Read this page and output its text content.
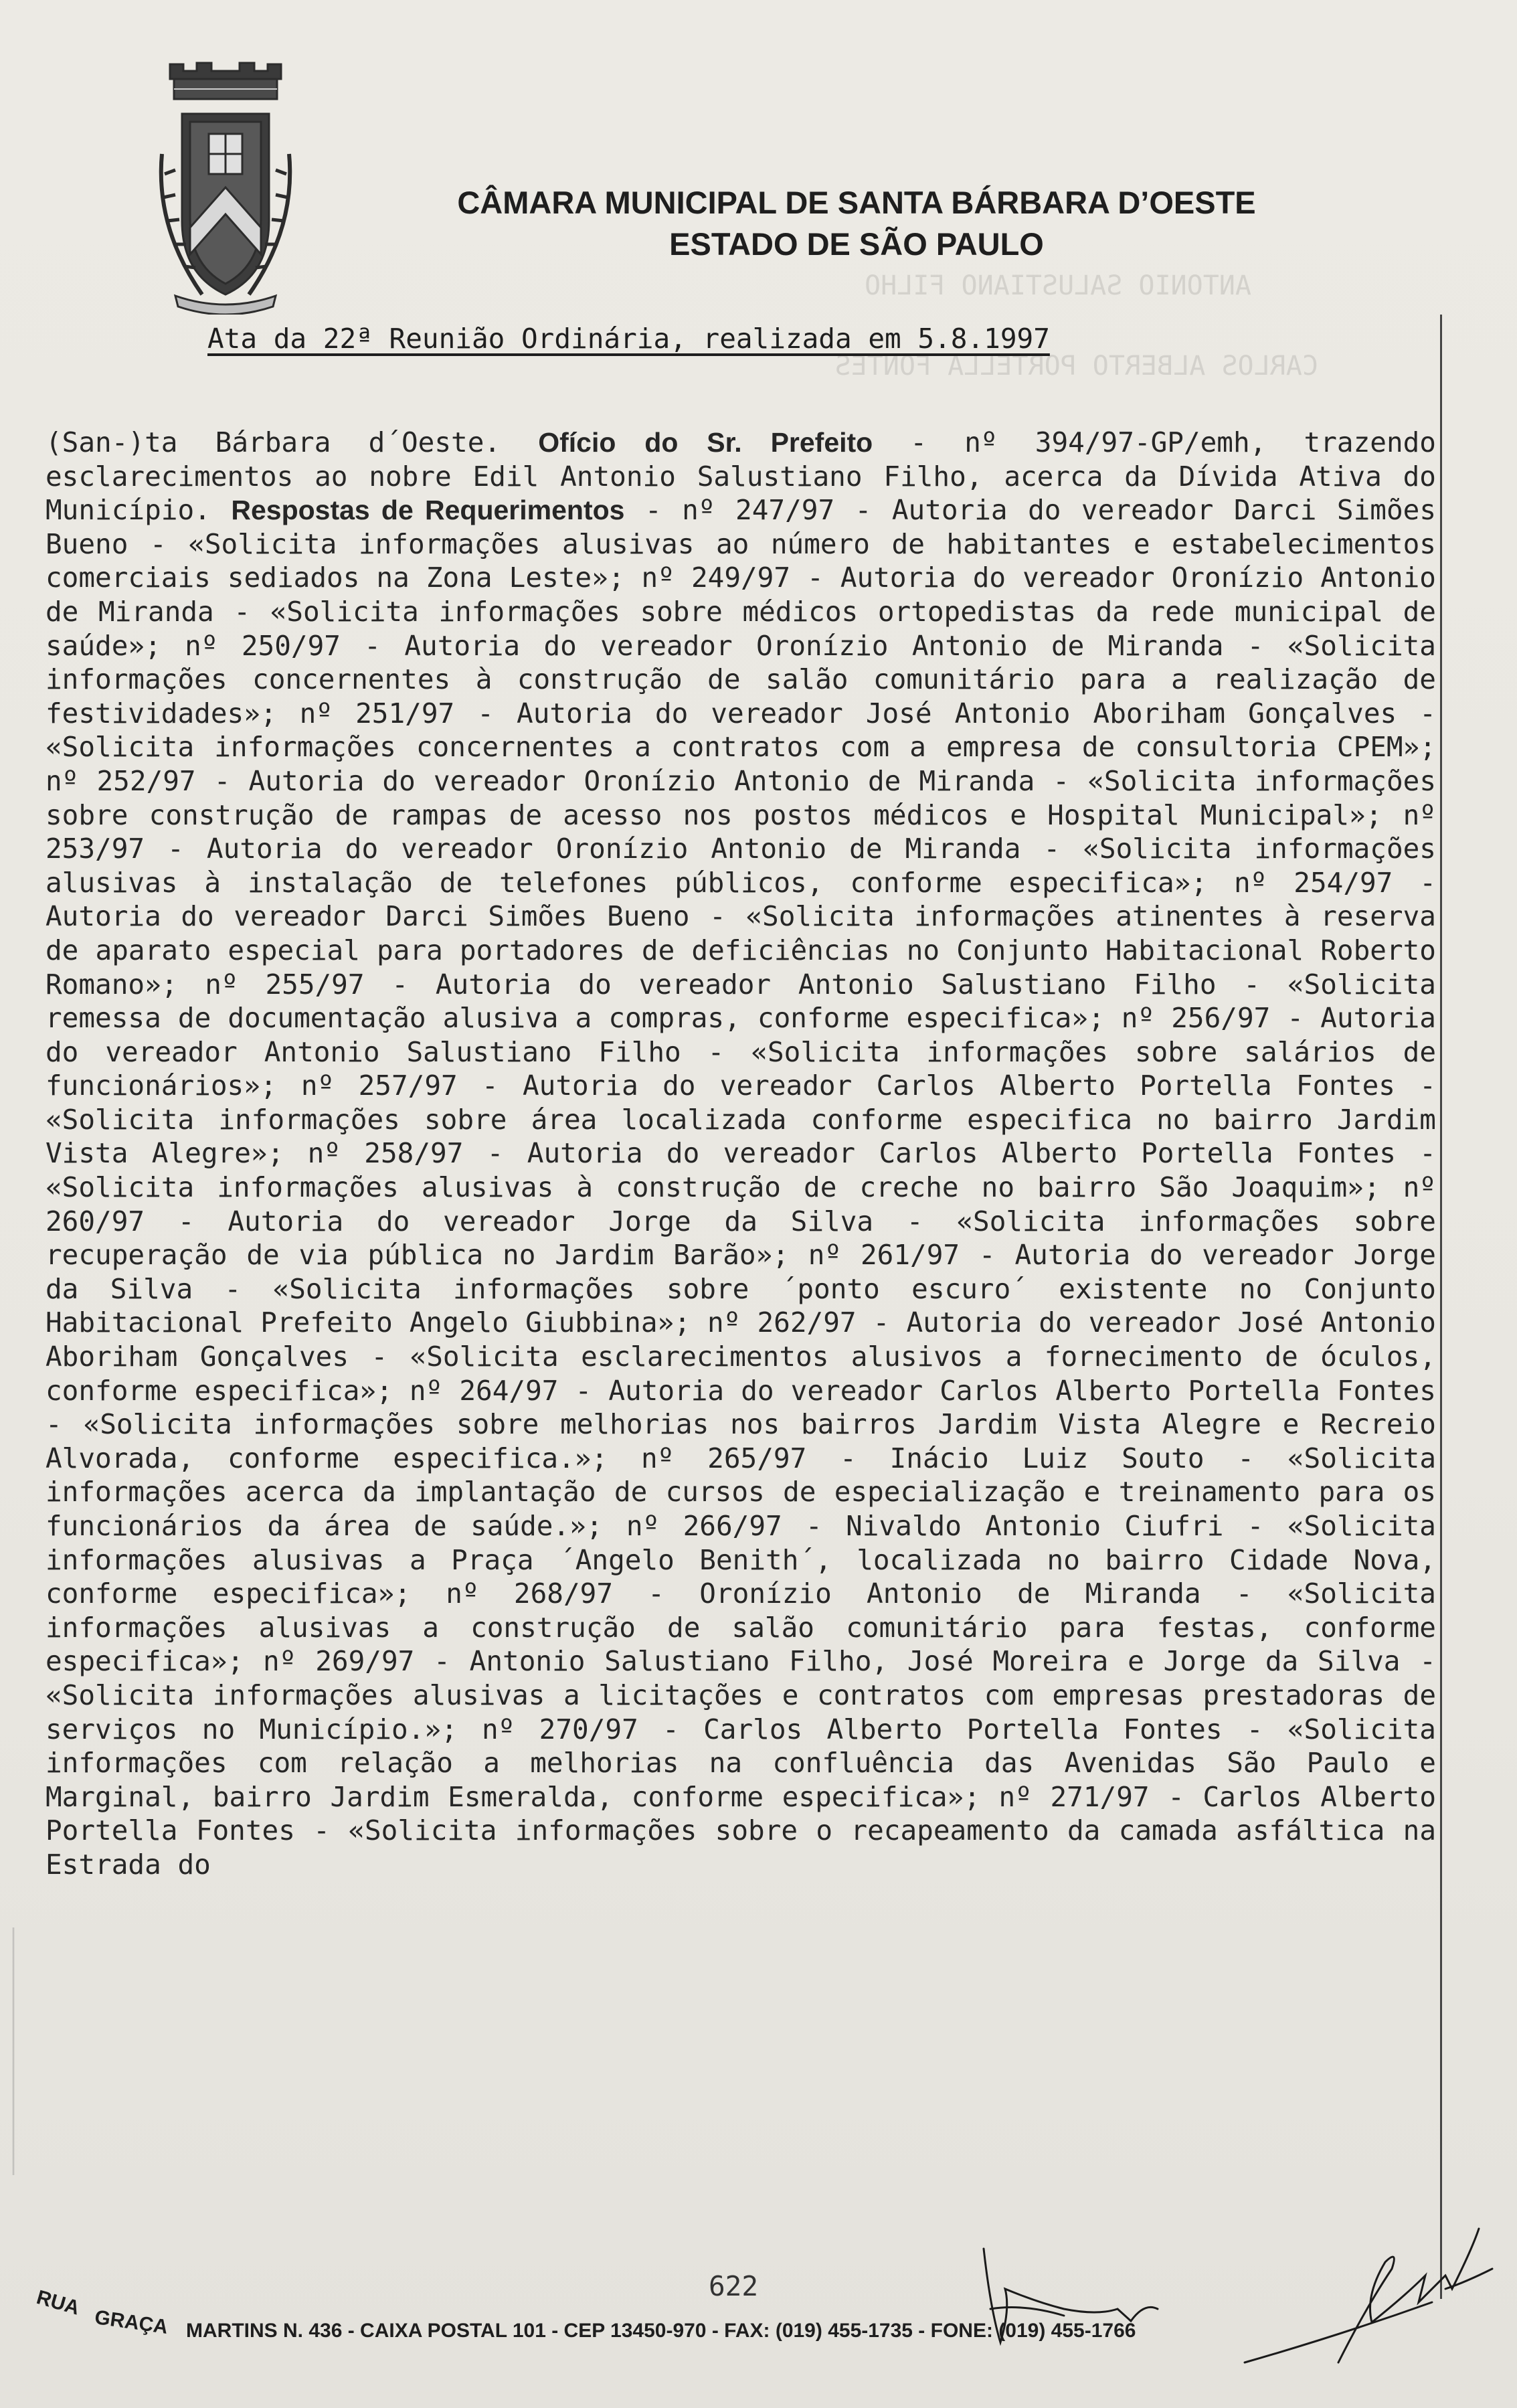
ANTONIO SALUSTIANO FILHO
CARLOS ALBERTO PORTELLA FONTES
CÂMARA MUNICIPAL DE SANTA BÁRBARA D’OESTE
ESTADO DE SÃO PAULO
Ata da 22ª Reunião Ordinária, realizada em 5.8.1997
(San-)ta Bárbara d´Oeste. Ofício do Sr. Prefeito - nº 394/97-GP/emh, trazendo esclarecimentos ao nobre Edil Antonio Salustiano Filho, acerca da Dívida Ativa do Município. Respostas de Requerimentos - nº 247/97 - Autoria do vereador Darci Simões Bueno - «Solicita informações alusivas ao número de habitantes e estabelecimentos comerciais sediados na Zona Leste»; nº 249/97 - Autoria do vereador Oronízio Antonio de Miranda - «Solicita informações sobre médicos ortopedistas da rede municipal de saúde»; nº 250/97 - Autoria do vereador Oronízio Antonio de Miranda - «Solicita informações concernentes à construção de salão comunitário para a realização de festividades»; nº 251/97 - Autoria do vereador José Antonio Aboriham Gonçalves - «Solicita informações concernentes a contratos com a empresa de consultoria CPEM»; nº 252/97 - Autoria do vereador Oronízio Antonio de Miranda - «Solicita informações sobre construção de rampas de acesso nos postos médicos e Hospital Municipal»; nº 253/97 - Autoria do vereador Oronízio Antonio de Miranda - «Solicita informações alusivas à instalação de telefones públicos, conforme especifica»; nº 254/97 - Autoria do vereador Darci Simões Bueno - «Solicita informações atinentes à reserva de aparato especial para portadores de deficiências no Conjunto Habitacional Roberto Romano»; nº 255/97 - Autoria do vereador Antonio Salustiano Filho - «Solicita remessa de documentação alusiva a compras, conforme especifica»; nº 256/97 - Autoria do vereador Antonio Salustiano Filho - «Solicita informações sobre salários de funcionários»; nº 257/97 - Autoria do vereador Carlos Alberto Portella Fontes - «Solicita informações sobre área localizada conforme especifica no bairro Jardim Vista Alegre»; nº 258/97 - Autoria do vereador Carlos Alberto Portella Fontes - «Solicita informações alusivas à construção de creche no bairro São Joaquim»; nº 260/97 - Autoria do vereador Jorge da Silva - «Solicita informações sobre recuperação de via pública no Jardim Barão»; nº 261/97 - Autoria do vereador Jorge da Silva - «Solicita informações sobre ´ponto escuro´ existente no Conjunto Habitacional Prefeito Angelo Giubbina»; nº 262/97 - Autoria do vereador José Antonio Aboriham Gonçalves - «Solicita esclarecimentos alusivos a fornecimento de óculos, conforme especifica»; nº 264/97 - Autoria do vereador Carlos Alberto Portella Fontes - «Solicita informações sobre melhorias nos bairros Jardim Vista Alegre e Recreio Alvorada, conforme especifica.»; nº 265/97 - Inácio Luiz Souto - «Solicita informações acerca da implantação de cursos de especialização e treinamento para os funcionários da área de saúde.»; nº 266/97 - Nivaldo Antonio Ciufri - «Solicita informações alusivas a Praça ´Angelo Benith´, localizada no bairro Cidade Nova, conforme especifica»; nº 268/97 - Oronízio Antonio de Miranda - «Solicita informações alusivas a construção de salão comunitário para festas, conforme especifica»; nº 269/97 - Antonio Salustiano Filho, José Moreira e Jorge da Silva - «Solicita informações alusivas a licitações e contratos com empresas prestadoras de serviços no Município.»; nº 270/97 - Carlos Alberto Portella Fontes - «Solicita informações com relação a melhorias na confluência das Avenidas São Paulo e Marginal, bairro Jardim Esmeralda, conforme especifica»; nº 271/97 - Carlos Alberto Portella Fontes - «Solicita informações sobre o recapeamento da camada asfáltica na Estrada do
622
RUA
GRAÇA MARTINS N. 436 - CAIXA POSTAL 101 - CEP 13450-970 - FAX: (019) 455-1735 - FONE: (019) 455-1766
